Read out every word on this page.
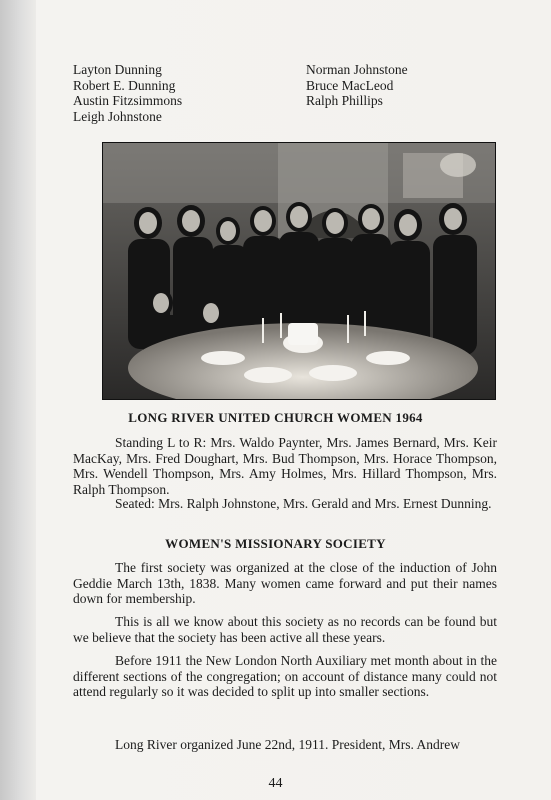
Layton Dunning
Robert E. Dunning
Austin Fitzsimmons
Leigh Johnstone
Norman Johnstone
Bruce MacLeod
Ralph Phillips
LONG RIVER UNITED CHURCH WOMEN 1964
Standing L to R: Mrs. Waldo Paynter, Mrs. James Bernard, Mrs. Keir MacKay, Mrs. Fred Doughart, Mrs. Bud Thompson, Mrs. Horace Thompson, Mrs. Wendell Thompson, Mrs. Amy Holmes, Mrs. Hillard Thompson, Mrs. Ralph Thompson.
Seated: Mrs. Ralph Johnstone, Mrs. Gerald and Mrs. Ernest Dunning.
WOMEN'S MISSIONARY SOCIETY
The first society was organized at the close of the induction of John Geddie March 13th, 1838. Many women came forward and put their names down for membership.
This is all we know about this society as no records can be found but we believe that the society has been active all these years.
Before 1911 the New London North Auxiliary met month about in the different sections of the congregation; on account of distance many could not attend regularly so it was decided to split up into smaller sections.
Long River organized June 22nd, 1911. President, Mrs. Andrew
44
